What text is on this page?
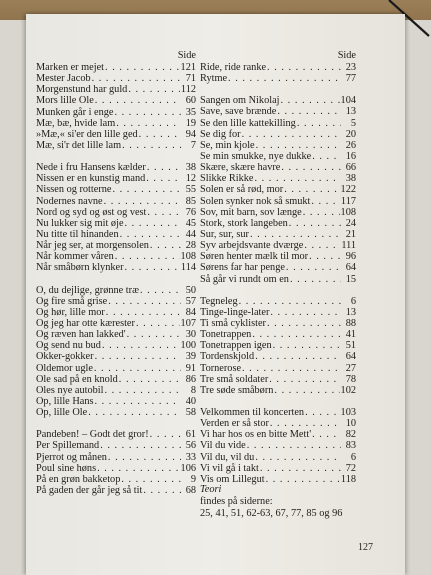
Side
Marken er mejet . . .	121
Mester Jacob . . .	71
Morgenstund har guld . . .	112
Mors lille Ole . . .	60
Munken går i enge . . .	35
Mæ, bæ, hvide lam . . .	19
»Mæ,« si'er den lille ged . . .	94
Mæ, si'r det lille lam . . .	7
Nede i fru Hansens kælder . . .	38
Nissen er en kunstig mand . . .	12
Nissen og rotterne . . .	55
Nodernes navne . . .	85
Nord og syd og øst og vest . . .	76
Nu lukker sig mit øje . . .	45
Nu titte til hinanden . . .	44
Når jeg ser, at morgensolen . . .	28
Når kommer våren . . .	108
Når småbørn klynker . . .	114
O, du dejlige, grønne træ . . .	50
Og fire små grise . . .	57
Og hør, lille mor . . .	84
Og jeg har otte kærester . . .	107
Og ræven han lakked' . . .	30
Og send nu bud . . .	100
Okker-gokker . . .	39
Oldemor ugle . . .	91
Ole sad på en knold . . .	86
Oles nye autobil . . .	8
Op, lille Hans . . .	40
Op, lille Ole . . .	58
Pandeben! – Godt det gror! . . .	61
Per Spillemand . . .	56
Pjerrot og månen . . .	33
Poul sine høns . . .	106
På en grøn bakketop . . .	9
På gaden der går jeg så tit . . .	68
Side
Ride, ride ranke . . .	23
Rytme . . .	77
Sangen om Nikolaj . . .	104
Save, save brænde . . .	13
Se den lille kattekilling . . .	5
Se dig for . . .	20
Se, min kjole . . .	26
Se min smukke, nye dukke . . .	16
Skære, skære havre . . .	66
Slikke Rikke . . .	38
Solen er så rød, mor . . .	122
Solen synker nok så smukt . . .	117
Sov, mit barn, sov længe . . .	108
Stork, stork langeben . . .	24
Sur, sur, sur . . .	21
Syv arbejdsvante dværge . . .	111
Søren henter mælk til mor . . .	96
Sørens far har penge . . .	64
Så går vi rundt om en . . .	15
Tegneleg . . .	6
Tinge-linge-later . . .	13
Ti små cyklister . . .	88
Tonetrappen . . .	41
Tonetrappen igen . . .	51
Tordenskjold . . .	64
Tornerose . . .	27
Tre små soldater . . .	78
Tre søde småbørn . . .	102
Velkommen til koncerten . . .	103
Verden er så stor . . .	10
Vi har hos os en bitte Mett' . . .	82
Vil du vide . . .	83
Vil du, vil du . . .	6
Vi vil gå i takt . . .	72
Vis om Lillegut . . .	118
Teori
findes på siderne:
25, 41, 51, 62-63, 67, 77, 85 og 96
127
